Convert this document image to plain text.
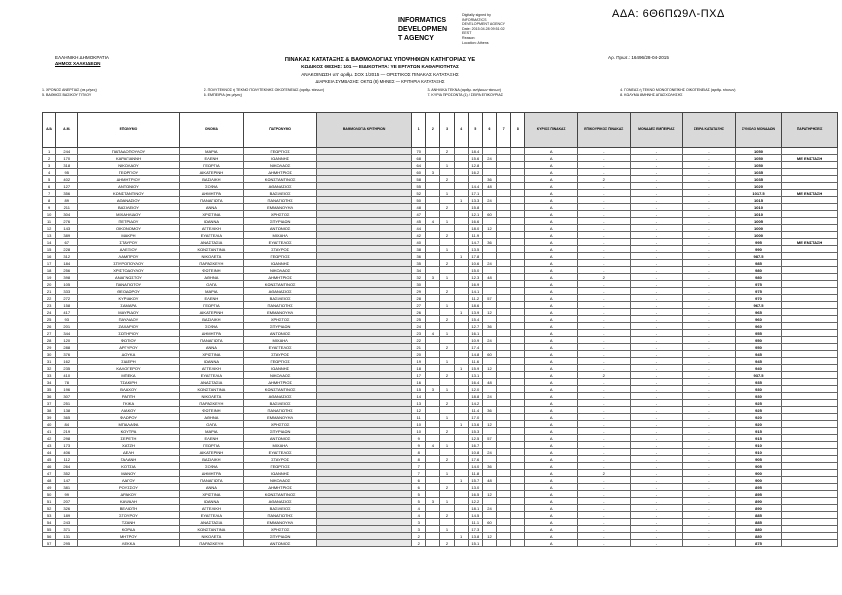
ΑΔΑ: 6Θ6ΠΩ9Λ-ΠΧΔ
INFORMATICS
DEVELOPMEN
T AGENCY
Digitally signed by
INFORMATICS
DEVELOPMENT AGENCY
Date: 2015.04.28 09:51:02
EEST
Reason:
Location: Athens
ΕΛΛΗΝΙΚΗ ΔΗΜΟΚΡΑΤΙΑ
ΔΗΜΟΣ ΧΑΛΚΙΔΕΩΝ
Αρ. Πρωτ.: 16496/28-04-2015
ΠΙΝΑΚΑΣ ΚΑΤΑΤΑΞΗΣ & ΒΑΘΜΟΛΟΓΙΑΣ ΥΠΟΨΗΦΙΩΝ ΚΑΤΗΓΟΡΙΑΣ ΥΕ
ΚΩΔΙΚΟΣ ΘΕΣΗΣ: 101 — ΕΙΔΙΚΟΤΗΤΑ: ΥΕ ΕΡΓΑΤΩΝ ΚΑΘΑΡΙΟΤΗΤΑΣ
ΑΝΑΚΟΙΝΩΣΗ υπ' αριθμ. ΣΟΧ 1/2015 — ΟΡΙΣΤΙΚΟΣ ΠΙΝΑΚΑΣ ΚΑΤΑΤΑΞΗΣ
ΔΙΑΡΚΕΙΑ ΣΥΜΒΑΣΗΣ: ΟΚΤΩ (8) ΜΗΝΕΣ — ΚΡΙΤΗΡΙΑ ΚΑΤΑΤΑΞΗΣ
1. ΧΡΟΝΟΣ ΑΝΕΡΓΙΑΣ (σε μήνες)	2. ΠΟΛΥΤΕΚΝΟΣ ή ΤΕΚΝΟ ΠΟΛΥΤΕΚΝΗΣ ΟΙΚΟΓΕΝΕΙΑΣ (αριθμ. τέκνων)	3. ΑΝΗΛΙΚΑ ΤΕΚΝΑ (αριθμ. ανήλικων τέκνων)	4. ΓΟΝΕΑΣ ή ΤΕΚΝΟ ΜΟΝΟΓΟΝΕΪΚΗΣ ΟΙΚΟΓΕΝΕΙΑΣ (αριθμ. τέκνων)
5. ΒΑΘΜΟΣ ΒΑΣΙΚΟΥ ΤΙΤΛΟΥ	6. ΕΜΠΕΙΡΙΑ (σε μήνες)	7. ΚΥΡΙΑ ΠΡΟΣΟΝΤΑ (1) / ΣΕΙΡΑ ΕΠΙΚΟΥΡΙΑΣ	8. ΚΩΛΥΜΑ 8ΜΗΝΗΣ ΑΠΑΣΧΟΛΗΣΗΣ
Α/Α	Α.Μ.	ΕΠΩΝΥΜΟ	ΟΝΟΜΑ	ΠΑΤΡΩΝΥΜΟ	ΒΑΘΜΟΛΟΓΙΑ ΚΡΙΤΗΡΙΩΝ	1	2	3	4	5	6	7	8	ΚΥΡΙΟΣ ΠΙΝΑΚΑΣ	ΕΠΙΚΟΥΡΙΚΟΣ ΠΙΝΑΚΑΣ	ΜΟΝΑΔΕΣ ΕΜΠΕΙΡΙΑΣ	ΣΕΙΡΑ ΚΑΤΑΤΑΞΗΣ	ΣΥΝΟΛΟ ΜΟΝΑΔΩΝ	ΠΑΡΑΤΗΡΗΣΕΙΣ
1	244	ΠΑΠΑΔΟΠΟΥΛΟΥ	ΜΑΡΙΑ	ΓΕΩΡΓΙΟΣ		70		2		18.4				Α	-	-	-	1050	
2	170	ΚΑΡΑΓΙΑΝΝΗ	ΕΛΕΝΗ	ΙΩΑΝΝΗΣ		68				15.6	24			Α	-	-	-	1050	ΜΕ ΕΝΣΤΑΣΗ
3	318	ΝΙΚΟΛΑΟΥ	ΓΕΩΡΓΙΑ	ΝΙΚΟΛΑΟΣ		64		1		12.8				Α	-	-	-	1050	
4	95	ΓΕΩΡΓΙΟΥ	ΑΙΚΑΤΕΡΙΝΗ	ΔΗΜΗΤΡΙΟΣ		60	3			16.2				Α	-	-	-	1035	
5	402	ΔΗΜΗΤΡΙΟΥ	ΒΑΣΙΛΙΚΗ	ΚΩΝΣΤΑΝΤΙΝΟΣ		58		2			36			Α	2	-	-	1035	
6	127	ΑΝΤΩΝΙΟΥ	ΣΟΦΙΑ	ΑΘΑΝΑΣΙΟΣ		55				14.4	48			Α	-	-	-	1020	
7	356	ΚΩΝΣΤΑΝΤΙΝΟΥ	ΔΗΜΗΤΡΑ	ΒΑΣΙΛΕΙΟΣ		52		1		17.1				Α	-	-	-	1017.5	ΜΕ ΕΝΣΤΑΣΗ
8	89	ΑΘΑΝΑΣΙΟΥ	ΠΑΝΑΓΙΩΤΑ	ΠΑΝΑΓΙΩΤΗΣ		50			1	13.3	24			Α	-	-	-	1015	
9	211	ΒΑΣΙΛΕΙΟΥ	ΑΝΝΑ	ΕΜΜΑΝΟΥΗΛ		48		2		15.8				Α	-	-	-	1010	
10	304	ΜΙΧΑΗΛΙΔΟΥ	ΧΡΙΣΤΙΝΑ	ΧΡΗΣΤΟΣ		47				12.1	60			Α	-	-	-	1010	
11	276	ΠΕΤΡΙΔΟΥ	ΙΩΑΝΝΑ	ΣΠΥΡΙΔΩΝ		45	4	1		16.6				Α	-	-	-	1005	
12	143	ΟΙΚΟΝΟΜΟΥ	ΑΓΓΕΛΙΚΗ	ΑΝΤΩΝΙΟΣ		44				18.0	12			Α	-	-	-	1000	
13	389	ΜΑΚΡΗ	ΕΥΑΓΓΕΛΙΑ	ΜΙΧΑΗΛ		42		2		11.9				Α	-	-	-	1000	
14	67	ΣΤΑΥΡΟΥ	ΑΝΑΣΤΑΣΙΑ	ΕΥΑΓΓΕΛΟΣ		40				14.7	36			Α	-	-	-	995	ΜΕ ΕΝΣΤΑΣΗ
15	228	ΑΛΕΞΙΟΥ	ΚΩΝΣΤΑΝΤΙΝΑ	ΣΤΑΥΡΟΣ		38		1		13.5				Α	-	-	-	990	
16	312	ΛΑΜΠΡΟΥ	ΝΙΚΟΛΕΤΑ	ΓΕΩΡΓΙΟΣ		36			1	17.8				Α	-	-	-	987.5	
17	184	ΣΠΥΡΟΠΟΥΛΟΥ	ΠΑΡΑΣΚΕΥΗ	ΙΩΑΝΝΗΣ		35		2		10.6	24			Α	-	-	-	985	
18	256	ΧΡΙΣΤΟΔΟΥΛΟΥ	ΦΩΤΕΙΝΗ	ΝΙΚΟΛΑΟΣ		34				15.0				Α	-	-	-	980	
19	398	ΑΝΑΓΝΩΣΤΟΥ	ΑΘΗΝΑ	ΔΗΜΗΤΡΙΟΣ		32	3	1		12.3	48			Α	2	-	-	980	
20	105	ΠΑΝΑΓΙΩΤΟΥ	ΟΛΓΑ	ΚΩΝΣΤΑΝΤΙΝΟΣ		30				16.9				Α	-	-	-	975	
21	333	ΘΕΟΔΩΡΟΥ	ΜΑΡΙΑ	ΑΘΑΝΑΣΙΟΣ		29		2		14.1				Α	-	-	-	975	
22	272	ΚΥΡΙΑΚΟΥ	ΕΛΕΝΗ	ΒΑΣΙΛΕΙΟΣ		28				11.2	57			Α	-	-	-	970	
23	158	ΣΑΜΑΡΑ	ΓΕΩΡΓΙΑ	ΠΑΝΑΓΙΩΤΗΣ		27		1		18.6				Α	-	-	-	967.5	
24	417	ΜΑΥΡΙΔΟΥ	ΑΙΚΑΤΕΡΙΝΗ	ΕΜΜΑΝΟΥΗΛ		26			1	13.9	12			Α	-	-	-	965	
25	93	ΠΑΥΛΙΔΟΥ	ΒΑΣΙΛΙΚΗ	ΧΡΗΣΤΟΣ		25		2		15.4				Α	-	-	-	960	
26	201	ΖΑΧΑΡΙΟΥ	ΣΟΦΙΑ	ΣΠΥΡΙΔΩΝ		24				12.7	36			Α	-	-	-	960	
27	344	ΣΩΤΗΡΙΟΥ	ΔΗΜΗΤΡΑ	ΑΝΤΩΝΙΟΣ		23	4	1		16.1				Α	-	-	-	955	
28	120	ΦΩΤΙΟΥ	ΠΑΝΑΓΙΩΤΑ	ΜΙΧΑΗΛ		22				10.9	24			Α	-	-	-	950	
29	288	ΑΡΓΥΡΟΥ	ΑΝΝΑ	ΕΥΑΓΓΕΛΟΣ		21		2		17.4				Α	-	-	-	950	
30	376	ΔΟΥΚΑ	ΧΡΙΣΤΙΝΑ	ΣΤΑΥΡΟΣ		20				14.8	60			Α	-	-	-	945	
31	162	ΣΙΔΕΡΗ	ΙΩΑΝΝΑ	ΓΕΩΡΓΙΟΣ		19		1		11.6				Α	-	-	-	945	
32	235	ΚΑΛΟΓΕΡΟΥ	ΑΓΓΕΛΙΚΗ	ΙΩΑΝΝΗΣ		18			1	15.9	12			Α	-	-	-	940	
33	410	ΜΠΕΚΑ	ΕΥΑΓΓΕΛΙΑ	ΝΙΚΟΛΑΟΣ		17		2		13.1				Α	2	-	-	937.5	
34	78	ΤΣΑΚΙΡΗ	ΑΝΑΣΤΑΣΙΑ	ΔΗΜΗΤΡΙΟΣ		16				16.4	48			Α	-	-	-	935	
35	196	ΒΛΑΧΟΥ	ΚΩΝΣΤΑΝΤΙΝΑ	ΚΩΝΣΤΑΝΤΙΝΟΣ		15	3	1		12.0				Α	-	-	-	930	
36	307	ΡΑΠΤΗ	ΝΙΚΟΛΕΤΑ	ΑΘΑΝΑΣΙΟΣ		14				18.8	24			Α	-	-	-	930	
37	251	ΓΚΙΚΑ	ΠΑΡΑΣΚΕΥΗ	ΒΑΣΙΛΕΙΟΣ		13		2		14.2				Α	-	-	-	925	
38	138	ΛΙΑΚΟΥ	ΦΩΤΕΙΝΗ	ΠΑΝΑΓΙΩΤΗΣ		12				11.4	36			Α	-	-	-	925	
39	365	ΦΛΩΡΟΥ	ΑΘΗΝΑ	ΕΜΜΑΝΟΥΗΛ		11		1		17.0				Α	-	-	-	920	
40	84	ΜΠΑΛΑΦΑ	ΟΛΓΑ	ΧΡΗΣΤΟΣ		10			1	13.6	12			Α	-	-	-	920	
41	219	ΚΟΥΤΡΑ	ΜΑΡΙΑ	ΣΠΥΡΙΔΩΝ		10		2		15.3				Α	-	-	-	915	
42	298	ΣΕΡΕΤΗ	ΕΛΕΝΗ	ΑΝΤΩΝΙΟΣ		9				12.5	57			Α	-	-	-	915	
43	173	ΧΑΤΖΗ	ΓΕΩΡΓΙΑ	ΜΙΧΑΗΛ		9	4	1		16.7				Α	-	-	-	910	
44	406	ΔΕΛΗ	ΑΙΚΑΤΕΡΙΝΗ	ΕΥΑΓΓΕΛΟΣ		8				10.8	24			Α	-	-	-	910	
45	112	ΓΑΛΑΝΗ	ΒΑΣΙΛΙΚΗ	ΣΤΑΥΡΟΣ		8		2		17.6				Α	-	-	-	905	
46	264	ΚΟΤΣΙΑ	ΣΟΦΙΑ	ΓΕΩΡΓΙΟΣ		7				14.0	36			Α	-	-	-	905	
47	352	ΜΑΝΟΥ	ΔΗΜΗΤΡΑ	ΙΩΑΝΝΗΣ		7		1		11.8				Α	2	-	-	900	
48	147	ΛΑΓΟΥ	ΠΑΝΑΓΙΩΤΑ	ΝΙΚΟΛΑΟΣ		6			1	15.7	48			Α	-	-	-	900	
49	381	ΡΟΥΣΣΟΥ	ΑΝΝΑ	ΔΗΜΗΤΡΙΟΣ		6		2		13.0				Α	-	-	-	895	
50	99	ΔΡΑΚΟΥ	ΧΡΙΣΤΙΝΑ	ΚΩΝΣΤΑΝΤΙΝΟΣ		5				16.5	12			Α	-	-	-	895	
51	207	ΚΑΨΑΛΗ	ΙΩΑΝΝΑ	ΑΘΑΝΑΣΙΟΣ		5	3	1		12.2				Α	-	-	-	890	
52	326	ΒΕΛΙΩΤΗ	ΑΓΓΕΛΙΚΗ	ΒΑΣΙΛΕΙΟΣ		4				18.1	24			Α	-	-	-	890	
53	189	ΣΓΟΥΡΟΥ	ΕΥΑΓΓΕΛΙΑ	ΠΑΝΑΓΙΩΤΗΣ		4		2		14.5				Α	-	-	-	885	
54	243	ΤΖΑΝΗ	ΑΝΑΣΤΑΣΙΑ	ΕΜΜΑΝΟΥΗΛ		3				11.1	60			Α	-	-	-	885	
55	371	ΚΟΡΔΑ	ΚΩΝΣΤΑΝΤΙΝΑ	ΧΡΗΣΤΟΣ		3		1		17.3				Α	-	-	-	880	
56	131	ΜΗΤΡΟΥ	ΝΙΚΟΛΕΤΑ	ΣΠΥΡΙΔΩΝ		2			1	13.8	12			Α	-	-	-	880	
57	295	ΛΕΚΚΑ	ΠΑΡΑΣΚΕΥΗ	ΑΝΤΩΝΙΟΣ		2		2		15.1				Α	-	-	-	875	
